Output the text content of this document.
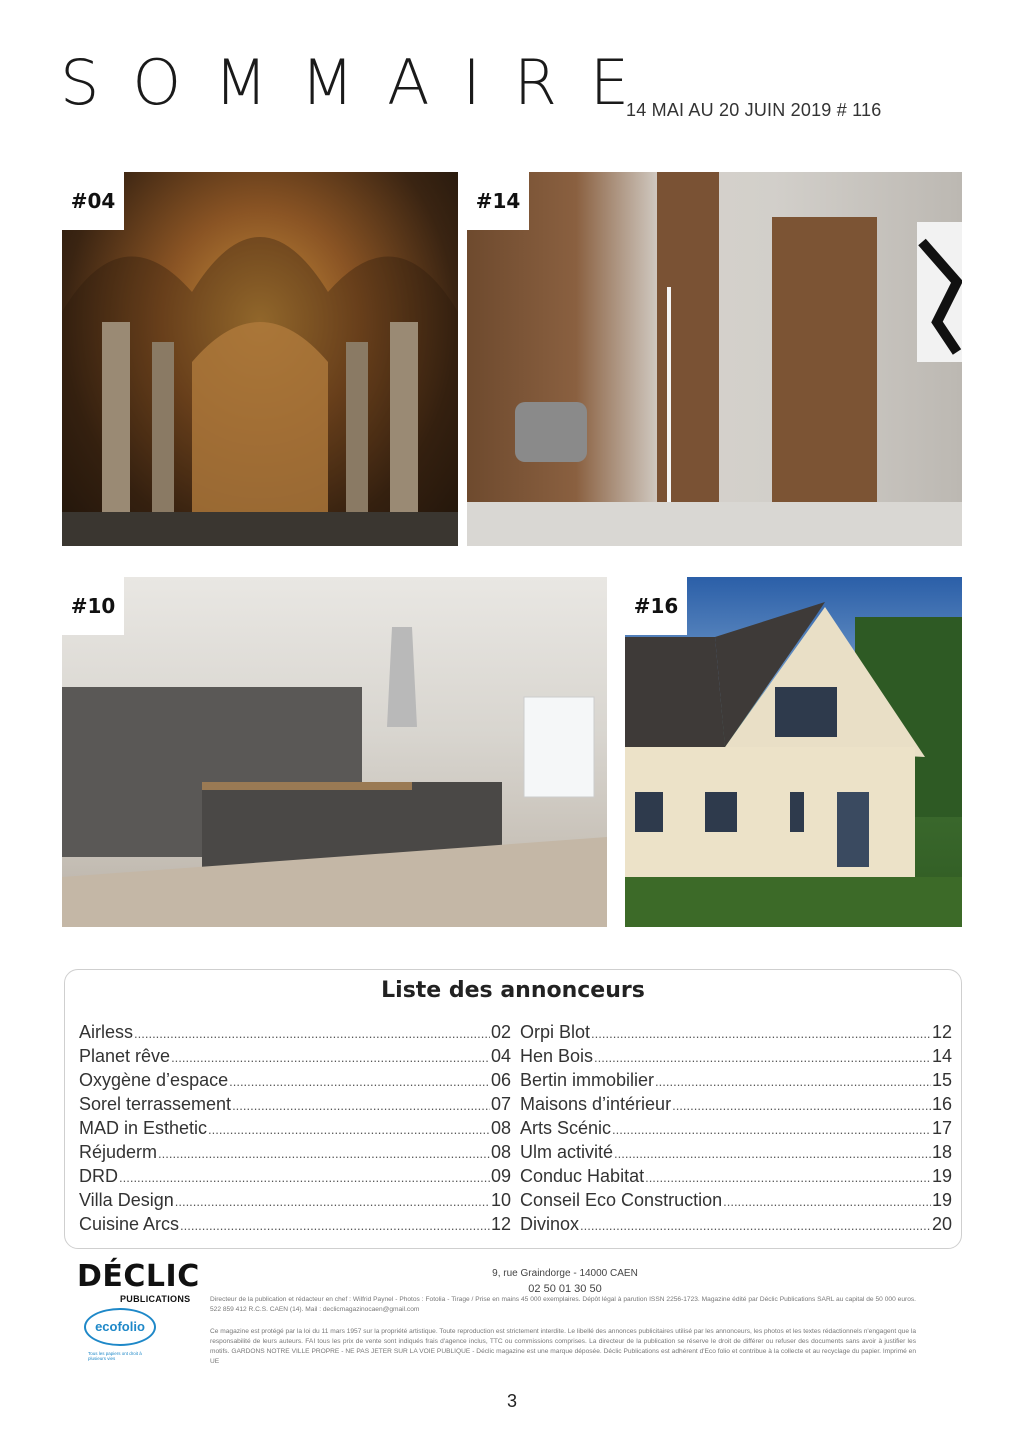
SOMMAIRE
14 MAI AU 20 JUIN 2019 # 116
#04	#14
#10	#16
Liste des annonceurs
Airless .....	02
Planet rêve .....	04
Oxygène d’espace .....	06
Sorel terrassement .....	07
MAD in Esthetic .....	08
Réjuderm .....	08
DRD .....	09
Villa Design .....	10
Cuisine Arcs .....	12
Orpi Blot .....	12
Hen Bois .....	14
Bertin immobilier .....	15
Maisons d’intérieur .....	16
Arts Scénic .....	17
Ulm activité .....	18
Conduc Habitat .....	19
Conseil Eco Construction .....	19
Divinox .....	20
DÉCLIC
PUBLICATIONS
ecofolio
Tous les papiers ont droit à plusieurs vies
9, rue Graindorge - 14000 CAEN
02 50 01 30 50
Directeur de la publication et rédacteur en chef : Wilfrid Paynel - Photos : Fotolia - Tirage / Prise en mains 45 000 exemplaires. Dépôt légal à parution ISSN 2256-1723. Magazine édité par Déclic Publications SARL au capital de 50 000 euros. 522 859 412 R.C.S. CAEN (14). Mail : declicmagazinocaen@gmail.com
Ce magazine est protégé par la loi du 11 mars 1957 sur la propriété artistique. Toute reproduction est strictement interdite. Le libellé des annonces publicitaires utilisé par les annonceurs, les photos et les textes rédactionnels n'engagent que la responsabilité de leurs auteurs. FAI tous les prix de vente sont indiqués frais d'agence inclus, TTC ou commissions comprises. La directeur de la publication se réserve le droit de différer ou refuser des documents sans avoir à justifier les motifs. GARDONS NOTRE VILLE PROPRE - NE PAS JETER SUR LA VOIE PUBLIQUE - Déclic magazine est une marque déposée. Déclic Publications est adhérent d'Eco folio et contribue à la collecte et au recyclage du papier. Imprimé en UE
3
